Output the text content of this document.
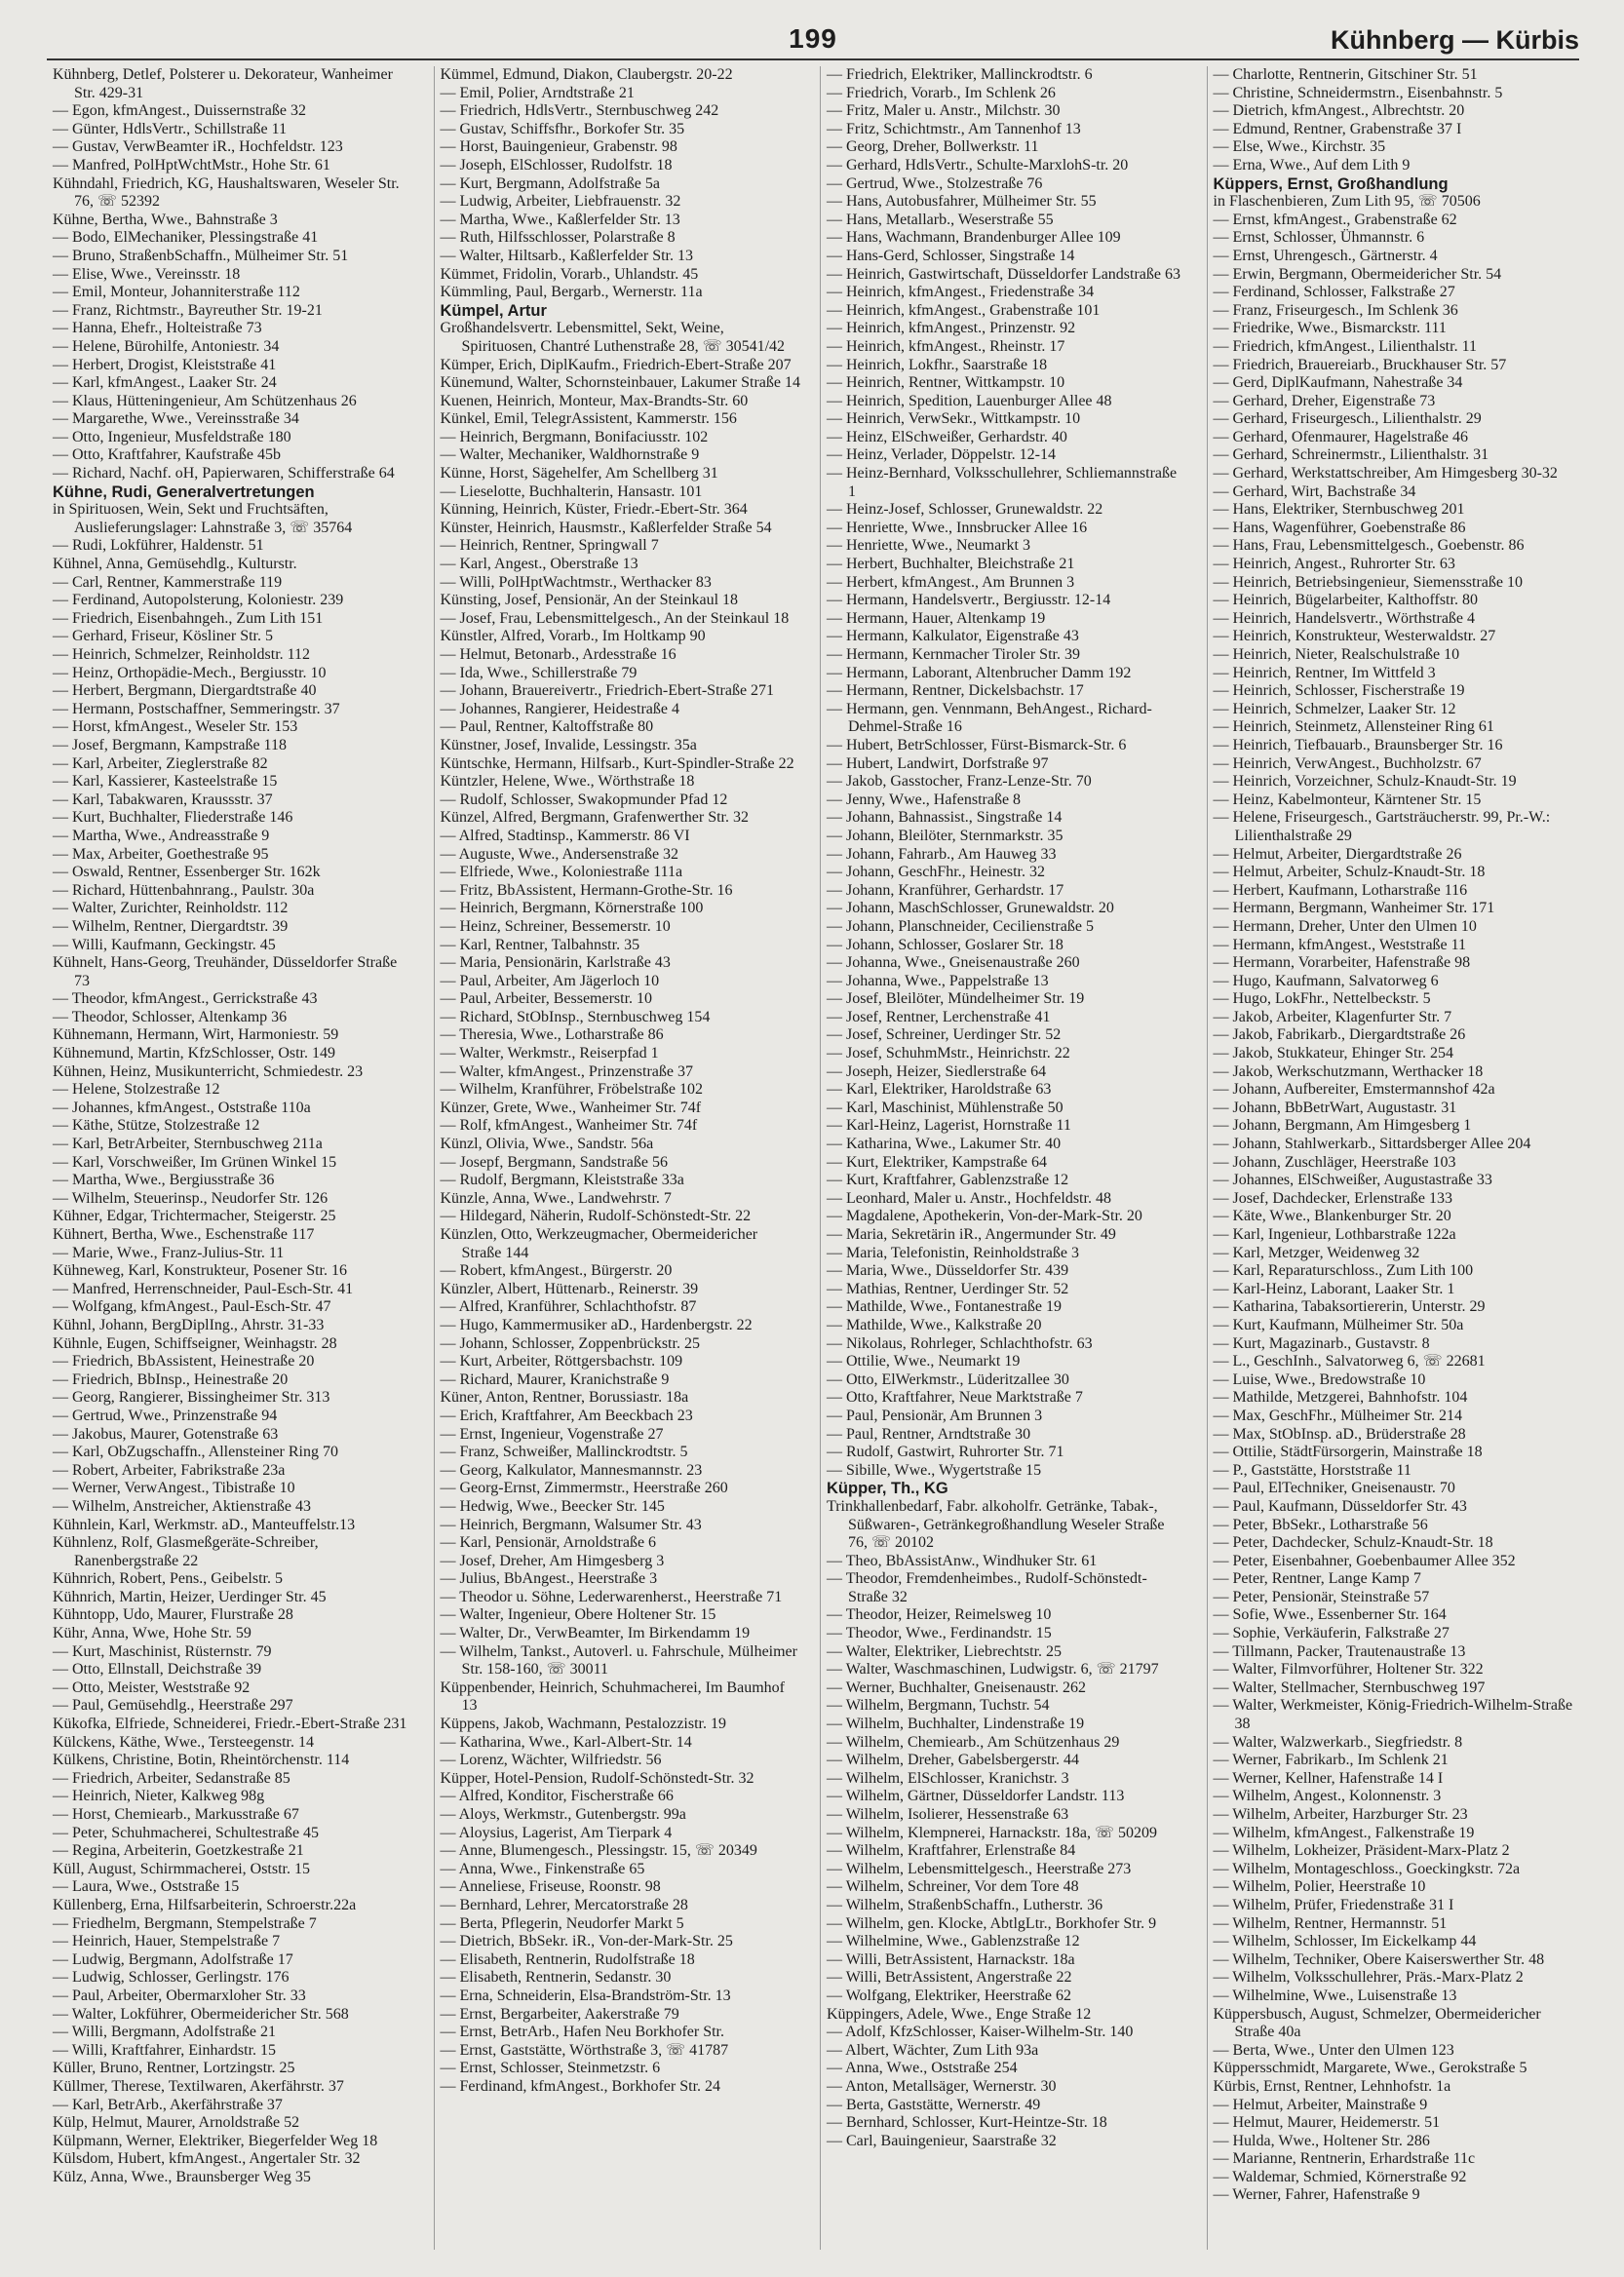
199	Kühnberg — Kürbis
Kühnberg, Detlef, Polsterer u. Dekorateur, Wanheimer Str. 429-31
— Egon, kfmAngest., Duissernstraße 32
— Günter, HdlsVertr., Schillstraße 11
— Gustav, VerwBeamter iR., Hochfeldstr. 123
— Manfred, PolHptWchtMstr., Hohe Str. 61
Kühndahl, Friedrich, KG, Haushaltswaren, Weseler Str. 76, ☏ 52392
Kühne, Bertha, Wwe., Bahnstraße 3
— Bodo, ElMechaniker, Plessingstraße 41
— Bruno, StraßenbSchaffn., Mülheimer Str. 51
— Elise, Wwe., Vereinsstr. 18
— Emil, Monteur, Johanniterstraße 112
— Franz, Richtmstr., Bayreuther Str. 19-21
— Hanna, Ehefr., Holteistraße 73
— Helene, Bürohilfe, Antoniestr. 34
— Herbert, Drogist, Kleiststraße 41
— Karl, kfmAngest., Laaker Str. 24
— Klaus, Hütteningenieur, Am Schützenhaus 26
— Margarethe, Wwe., Vereinsstraße 34
— Otto, Ingenieur, Musfeldstraße 180
— Otto, Kraftfahrer, Kaufstraße 45b
— Richard, Nachf. oH, Papierwaren, Schifferstraße 64
Kühne, Rudi, Generalvertretungen
in Spirituosen, Wein, Sekt und Fruchtsäften, Auslieferungslager: Lahnstraße 3, ☏ 35764
— Rudi, Lokführer, Haldenstr. 51
Kühnel, Anna, Gemüsehdlg., Kulturstr.
— Carl, Rentner, Kammerstraße 119
— Ferdinand, Autopolsterung, Koloniestr. 239
— Friedrich, Eisenbahngeh., Zum Lith 151
— Gerhard, Friseur, Kösliner Str. 5
— Heinrich, Schmelzer, Reinholdstr. 112
— Heinz, Orthopädie-Mech., Bergiusstr. 10
— Herbert, Bergmann, Diergardtstraße 40
— Hermann, Postschaffner, Semmeringstr. 37
— Horst, kfmAngest., Weseler Str. 153
— Josef, Bergmann, Kampstraße 118
— Karl, Arbeiter, Zieglerstraße 82
— Karl, Kassierer, Kasteelstraße 15
— Karl, Tabakwaren, Kraussstr. 37
— Kurt, Buchhalter, Fliederstraße 146
— Martha, Wwe., Andreasstraße 9
— Max, Arbeiter, Goethestraße 95
— Oswald, Rentner, Essenberger Str. 162k
— Richard, Hüttenbahnrang., Paulstr. 30a
— Walter, Zurichter, Reinholdstr. 112
— Wilhelm, Rentner, Diergardtstr. 39
— Willi, Kaufmann, Geckingstr. 45
Kühnelt, Hans-Georg, Treuhänder, Düsseldorfer Straße 73
— Theodor, kfmAngest., Gerrickstraße 43
— Theodor, Schlosser, Altenkamp 36
Kühnemann, Hermann, Wirt, Harmoniestr. 59
Kühnemund, Martin, KfzSchlosser, Ostr. 149
Kühnen, Heinz, Musikunterricht, Schmiedestr. 23
— Helene, Stolzestraße 12
— Johannes, kfmAngest., Oststraße 110a
— Käthe, Stütze, Stolzestraße 12
— Karl, BetrArbeiter, Sternbuschweg 211a
— Karl, Vorschweißer, Im Grünen Winkel 15
— Martha, Wwe., Bergiusstraße 36
— Wilhelm, Steuerinsp., Neudorfer Str. 126
Kühner, Edgar, Trichtermacher, Steigerstr. 25
Kühnert, Bertha, Wwe., Eschenstraße 117
— Marie, Wwe., Franz-Julius-Str. 11
Kühneweg, Karl, Konstrukteur, Posener Str. 16
— Manfred, Herrenschneider, Paul-Esch-Str. 41
— Wolfgang, kfmAngest., Paul-Esch-Str. 47
Kühnl, Johann, BergDiplIng., Ahrstr. 31-33
Kühnle, Eugen, Schiffseigner, Weinhagstr. 28
— Friedrich, BbAssistent, Heinestraße 20
— Friedrich, BbInsp., Heinestraße 20
— Georg, Rangierer, Bissingheimer Str. 313
— Gertrud, Wwe., Prinzenstraße 94
— Jakobus, Maurer, Gotenstraße 63
— Karl, ObZugschaffn., Allensteiner Ring 70
— Robert, Arbeiter, Fabrikstraße 23a
— Werner, VerwAngest., Tibistraße 10
— Wilhelm, Anstreicher, Aktienstraße 43
Kühnlein, Karl, Werkmstr. aD., Manteuffelstr.13
Kühnlenz, Rolf, Glasmeßgeräte-Schreiber, Ranenbergstraße 22
Kühnrich, Robert, Pens., Geibelstr. 5
Kühnrich, Martin, Heizer, Uerdinger Str. 45
Kühntopp, Udo, Maurer, Flurstraße 28
Kühr, Anna, Wwe, Hohe Str. 59
— Kurt, Maschinist, Rüsternstr. 79
— Otto, Ellnstall, Deichstraße 39
— Otto, Meister, Weststraße 92
— Paul, Gemüsehdlg., Heerstraße 297
Kükofka, Elfriede, Schneiderei, Friedr.-Ebert-Straße 231
Külckens, Käthe, Wwe., Tersteegenstr. 14
Külkens, Christine, Botin, Rheintörchenstr. 114
— Friedrich, Arbeiter, Sedanstraße 85
— Heinrich, Nieter, Kalkweg 98g
— Horst, Chemiearb., Markusstraße 67
— Peter, Schuhmacherei, Schultestraße 45
— Regina, Arbeiterin, Goetzkestraße 21
Küll, August, Schirmmacherei, Oststr. 15
— Laura, Wwe., Oststraße 15
Küllenberg, Erna, Hilfsarbeiterin, Schroerstr.22a
— Friedhelm, Bergmann, Stempelstraße 7
— Heinrich, Hauer, Stempelstraße 7
— Ludwig, Bergmann, Adolfstraße 17
— Ludwig, Schlosser, Gerlingstr. 176
— Paul, Arbeiter, Obermarxloher Str. 33
— Walter, Lokführer, Obermeidericher Str. 568
— Willi, Bergmann, Adolfstraße 21
— Willi, Kraftfahrer, Einhardstr. 15
Küller, Bruno, Rentner, Lortzingstr. 25
Küllmer, Therese, Textilwaren, Akerfährstr. 37
— Karl, BetrArb., Akerfährstraße 37
Külp, Helmut, Maurer, Arnoldstraße 52
Külpmann, Werner, Elektriker, Biegerfelder Weg 18
Külsdom, Hubert, kfmAngest., Angertaler Str. 32
Külz, Anna, Wwe., Braunsberger Weg 35
Kümmel, Edmund, Diakon, Claubergstr. 20-22
— Emil, Polier, Arndtstraße 21
— Friedrich, HdlsVertr., Sternbuschweg 242
— Gustav, Schiffsfhr., Borkofer Str. 35
— Horst, Bauingenieur, Grabenstr. 98
— Joseph, ElSchlosser, Rudolfstr. 18
— Kurt, Bergmann, Adolfstraße 5a
— Ludwig, Arbeiter, Liebfrauenstr. 32
— Martha, Wwe., Kaßlerfelder Str. 13
— Ruth, Hilfsschlosser, Polarstraße 8
— Walter, Hiltsarb., Kaßlerfelder Str. 13
Kümmet, Fridolin, Vorarb., Uhlandstr. 45
Kümmling, Paul, Bergarb., Wernerstr. 11a
Kümpel, Artur
Großhandelsvertr. Lebensmittel, Sekt, Weine, Spirituosen, Chantré Luthenstraße 28, ☏ 30541/42
Kümper, Erich, DiplKaufm., Friedrich-Ebert-Straße 207
Künemund, Walter, Schornsteinbauer, Lakumer Straße 14
Kuenen, Heinrich, Monteur, Max-Brandts-Str. 60
Künkel, Emil, TelegrAssistent, Kammerstr. 156
— Heinrich, Bergmann, Bonifaciusstr. 102
— Walter, Mechaniker, Waldhornstraße 9
Künne, Horst, Sägehelfer, Am Schellberg 31
— Lieselotte, Buchhalterin, Hansastr. 101
Künning, Heinrich, Küster, Friedr.-Ebert-Str. 364
Künster, Heinrich, Hausmstr., Kaßlerfelder Straße 54
— Heinrich, Rentner, Springwall 7
— Karl, Angest., Oberstraße 13
— Willi, PolHptWachtmstr., Werthacker 83
Künsting, Josef, Pensionär, An der Steinkaul 18
— Josef, Frau, Lebensmittelgesch., An der Steinkaul 18
Künstler, Alfred, Vorarb., Im Holtkamp 90
— Helmut, Betonarb., Ardesstraße 16
— Ida, Wwe., Schillerstraße 79
— Johann, Brauereivertr., Friedrich-Ebert-Straße 271
— Johannes, Rangierer, Heidestraße 4
— Paul, Rentner, Kaltoffstraße 80
Künstner, Josef, Invalide, Lessingstr. 35a
Küntschke, Hermann, Hilfsarb., Kurt-Spindler-Straße 22
Küntzler, Helene, Wwe., Wörthstraße 18
— Rudolf, Schlosser, Swakopmunder Pfad 12
Künzel, Alfred, Bergmann, Grafenwerther Str. 32
— Alfred, Stadtinsp., Kammerstr. 86 VI
— Auguste, Wwe., Andersenstraße 32
— Elfriede, Wwe., Koloniestraße 111a
— Fritz, BbAssistent, Hermann-Grothe-Str. 16
— Heinrich, Bergmann, Körnerstraße 100
— Heinz, Schreiner, Bessemerstr. 10
— Karl, Rentner, Talbahnstr. 35
— Maria, Pensionärin, Karlstraße 43
— Paul, Arbeiter, Am Jägerloch 10
— Paul, Arbeiter, Bessemerstr. 10
— Richard, StObInsp., Sternbuschweg 154
— Theresia, Wwe., Lotharstraße 86
— Walter, Werkmstr., Reiserpfad 1
— Walter, kfmAngest., Prinzenstraße 37
— Wilhelm, Kranführer, Fröbelstraße 102
Künzer, Grete, Wwe., Wanheimer Str. 74f
— Rolf, kfmAngest., Wanheimer Str. 74f
Künzl, Olivia, Wwe., Sandstr. 56a
— Josepf, Bergmann, Sandstraße 56
— Rudolf, Bergmann, Kleiststraße 33a
Künzle, Anna, Wwe., Landwehrstr. 7
— Hildegard, Näherin, Rudolf-Schönstedt-Str. 22
Künzlen, Otto, Werkzeugmacher, Obermeidericher Straße 144
— Robert, kfmAngest., Bürgerstr. 20
Künzler, Albert, Hüttenarb., Reinerstr. 39
— Alfred, Kranführer, Schlachthofstr. 87
— Hugo, Kammermusiker aD., Hardenbergstr. 22
— Johann, Schlosser, Zoppenbrückstr. 25
— Kurt, Arbeiter, Röttgersbachstr. 109
— Richard, Maurer, Kranichstraße 9
Küner, Anton, Rentner, Borussiastr. 18a
— Erich, Kraftfahrer, Am Beeckbach 23
— Ernst, Ingenieur, Vogenstraße 27
— Franz, Schweißer, Mallinckrodtstr. 5
— Georg, Kalkulator, Mannesmannstr. 23
— Georg-Ernst, Zimmermstr., Heerstraße 260
— Hedwig, Wwe., Beecker Str. 145
— Heinrich, Bergmann, Walsumer Str. 43
— Karl, Pensionär, Arnoldstraße 6
— Josef, Dreher, Am Himgesberg 3
— Julius, BbAngest., Heerstraße 3
— Theodor u. Söhne, Lederwarenherst., Heerstraße 71
— Walter, Ingenieur, Obere Holtener Str. 15
— Walter, Dr., VerwBeamter, Im Birkendamm 19
— Wilhelm, Tankst., Autoverl. u. Fahrschule, Mülheimer Str. 158-160, ☏ 30011
Küppenbender, Heinrich, Schuhmacherei, Im Baumhof 13
Küppens, Jakob, Wachmann, Pestalozzistr. 19
— Katharina, Wwe., Karl-Albert-Str. 14
— Lorenz, Wächter, Wilfriedstr. 56
Küpper, Hotel-Pension, Rudolf-Schönstedt-Str. 32
— Alfred, Konditor, Fischerstraße 66
— Aloys, Werkmstr., Gutenbergstr. 99a
— Aloysius, Lagerist, Am Tierpark 4
— Anne, Blumengesch., Plessingstr. 15, ☏ 20349
— Anna, Wwe., Finkenstraße 65
— Anneliese, Friseuse, Roonstr. 98
— Bernhard, Lehrer, Mercatorstraße 28
— Berta, Pflegerin, Neudorfer Markt 5
— Dietrich, BbSekr. iR., Von-der-Mark-Str. 25
— Elisabeth, Rentnerin, Rudolfstraße 18
— Elisabeth, Rentnerin, Sedanstr. 30
— Erna, Schneiderin, Elsa-Brandström-Str. 13
— Ernst, Bergarbeiter, Aakerstraße 79
— Ernst, BetrArb., Hafen Neu Borkhofer Str.
— Ernst, Gaststätte, Wörthstraße 3, ☏ 41787
— Ernst, Schlosser, Steinmetzstr. 6
— Ferdinand, kfmAngest., Borkhofer Str. 24
— Friedrich, Elektriker, Mallinckrodtstr. 6
— Friedrich, Vorarb., Im Schlenk 26
— Fritz, Maler u. Anstr., Milchstr. 30
— Fritz, Schichtmstr., Am Tannenhof 13
— Georg, Dreher, Bollwerkstr. 11
— Gerhard, HdlsVertr., Schulte-MarxlohS-tr. 20
— Gertrud, Wwe., Stolzestraße 76
— Hans, Autobusfahrer, Mülheimer Str. 55
— Hans, Metallarb., Weserstraße 55
— Hans, Wachmann, Brandenburger Allee 109
— Hans-Gerd, Schlosser, Singstraße 14
— Heinrich, Gastwirtschaft, Düsseldorfer Landstraße 63
— Heinrich, kfmAngest., Friedenstraße 34
— Heinrich, kfmAngest., Grabenstraße 101
— Heinrich, kfmAngest., Prinzenstr. 92
— Heinrich, kfmAngest., Rheinstr. 17
— Heinrich, Lokfhr., Saarstraße 18
— Heinrich, Rentner, Wittkampstr. 10
— Heinrich, Spedition, Lauenburger Allee 48
— Heinrich, VerwSekr., Wittkampstr. 10
— Heinz, ElSchweißer, Gerhardstr. 40
— Heinz, Verlader, Döppelstr. 12-14
— Heinz-Bernhard, Volksschullehrer, Schliemannstraße 1
— Heinz-Josef, Schlosser, Grunewaldstr. 22
— Henriette, Wwe., Innsbrucker Allee 16
— Henriette, Wwe., Neumarkt 3
— Herbert, Buchhalter, Bleichstraße 21
— Herbert, kfmAngest., Am Brunnen 3
— Hermann, Handelsvertr., Bergiusstr. 12-14
— Hermann, Hauer, Altenkamp 19
— Hermann, Kalkulator, Eigenstraße 43
— Hermann, Kernmacher Tiroler Str. 39
— Hermann, Laborant, Altenbrucher Damm 192
— Hermann, Rentner, Dickelsbachstr. 17
— Hermann, gen. Vennmann, BehAngest., Richard-Dehmel-Straße 16
— Hubert, BetrSchlosser, Fürst-Bismarck-Str. 6
— Hubert, Landwirt, Dorfstraße 97
— Jakob, Gasstocher, Franz-Lenze-Str. 70
— Jenny, Wwe., Hafenstraße 8
— Johann, Bahnassist., Singstraße 14
— Johann, Bleilöter, Sternmarkstr. 35
— Johann, Fahrarb., Am Hauweg 33
— Johann, GeschFhr., Heinestr. 32
— Johann, Kranführer, Gerhardstr. 17
— Johann, MaschSchlosser, Grunewaldstr. 20
— Johann, Planschneider, Cecilienstraße 5
— Johann, Schlosser, Goslarer Str. 18
— Johanna, Wwe., Gneisenaustraße 260
— Johanna, Wwe., Pappelstraße 13
— Josef, Bleilöter, Mündelheimer Str. 19
— Josef, Rentner, Lerchenstraße 41
— Josef, Schreiner, Uerdinger Str. 52
— Josef, SchuhmMstr., Heinrichstr. 22
— Joseph, Heizer, Siedlerstraße 64
— Karl, Elektriker, Haroldstraße 63
— Karl, Maschinist, Mühlenstraße 50
— Karl-Heinz, Lagerist, Hornstraße 11
— Katharina, Wwe., Lakumer Str. 40
— Kurt, Elektriker, Kampstraße 64
— Kurt, Kraftfahrer, Gablenzstraße 12
— Leonhard, Maler u. Anstr., Hochfeldstr. 48
— Magdalene, Apothekerin, Von-der-Mark-Str. 20
— Maria, Sekretärin iR., Angermunder Str. 49
— Maria, Telefonistin, Reinholdstraße 3
— Maria, Wwe., Düsseldorfer Str. 439
— Mathias, Rentner, Uerdinger Str. 52
— Mathilde, Wwe., Fontanestraße 19
— Mathilde, Wwe., Kalkstraße 20
— Nikolaus, Rohrleger, Schlachthofstr. 63
— Ottilie, Wwe., Neumarkt 19
— Otto, ElWerkmstr., Lüderitzallee 30
— Otto, Kraftfahrer, Neue Marktstraße 7
— Paul, Pensionär, Am Brunnen 3
— Paul, Rentner, Arndtstraße 30
— Rudolf, Gastwirt, Ruhrorter Str. 71
— Sibille, Wwe., Wygertstraße 15
Küpper, Th., KG
Trinkhallenbedarf, Fabr. alkoholfr. Getränke, Tabak-, Süßwaren-, Getränkegroßhandlung Weseler Straße 76, ☏ 20102
— Theo, BbAssistAnw., Windhuker Str. 61
— Theodor, Fremdenheimbes., Rudolf-Schönstedt-Straße 32
— Theodor, Heizer, Reimelsweg 10
— Theodor, Wwe., Ferdinandstr. 15
— Walter, Elektriker, Liebrechtstr. 25
— Walter, Waschmaschinen, Ludwigstr. 6, ☏ 21797
— Werner, Buchhalter, Gneisenaustr. 262
— Wilhelm, Bergmann, Tuchstr. 54
— Wilhelm, Buchhalter, Lindenstraße 19
— Wilhelm, Chemiearb., Am Schützenhaus 29
— Wilhelm, Dreher, Gabelsbergerstr. 44
— Wilhelm, ElSchlosser, Kranichstr. 3
— Wilhelm, Gärtner, Düsseldorfer Landstr. 113
— Wilhelm, Isolierer, Hessenstraße 63
— Wilhelm, Klempnerei, Harnackstr. 18a, ☏ 50209
— Wilhelm, Kraftfahrer, Erlenstraße 84
— Wilhelm, Lebensmittelgesch., Heerstraße 273
— Wilhelm, Schreiner, Vor dem Tore 48
— Wilhelm, StraßenbSchaffn., Lutherstr. 36
— Wilhelm, gen. Klocke, AbtlgLtr., Borkhofer Str. 9
— Wilhelmine, Wwe., Gablenzstraße 12
— Willi, BetrAssistent, Harnackstr. 18a
— Willi, BetrAssistent, Angerstraße 22
— Wolfgang, Elektriker, Heerstraße 62
Küppingers, Adele, Wwe., Enge Straße 12
— Adolf, KfzSchlosser, Kaiser-Wilhelm-Str. 140
— Albert, Wächter, Zum Lith 93a
— Anna, Wwe., Oststraße 254
— Anton, Metallsäger, Wernerstr. 30
— Berta, Gaststätte, Wernerstr. 49
— Bernhard, Schlosser, Kurt-Heintze-Str. 18
— Carl, Bauingenieur, Saarstraße 32
— Charlotte, Rentnerin, Gitschiner Str. 51
— Christine, Schneidermstrn., Eisenbahnstr. 5
— Dietrich, kfmAngest., Albrechtstr. 20
— Edmund, Rentner, Grabenstraße 37 I
— Else, Wwe., Kirchstr. 35
— Erna, Wwe., Auf dem Lith 9
Küppers, Ernst, Großhandlung
in Flaschenbieren, Zum Lith 95, ☏ 70506
— Ernst, kfmAngest., Grabenstraße 62
— Ernst, Schlosser, Ühmannstr. 6
— Ernst, Uhrengesch., Gärtnerstr. 4
— Erwin, Bergmann, Obermeidericher Str. 54
— Ferdinand, Schlosser, Falkstraße 27
— Franz, Friseurgesch., Im Schlenk 36
— Friedrike, Wwe., Bismarckstr. 111
— Friedrich, kfmAngest., Lilienthalstr. 11
— Friedrich, Brauereiarb., Bruckhauser Str. 57
— Gerd, DiplKaufmann, Nahestraße 34
— Gerhard, Dreher, Eigenstraße 73
— Gerhard, Friseurgesch., Lilienthalstr. 29
— Gerhard, Ofenmaurer, Hagelstraße 46
— Gerhard, Schreinermstr., Lilienthalstr. 31
— Gerhard, Werkstattschreiber, Am Himgesberg 30-32
— Gerhard, Wirt, Bachstraße 34
— Hans, Elektriker, Sternbuschweg 201
— Hans, Wagenführer, Goebenstraße 86
— Hans, Frau, Lebensmittelgesch., Goebenstr. 86
— Heinrich, Angest., Ruhrorter Str. 63
— Heinrich, Betriebsingenieur, Siemensstraße 10
— Heinrich, Bügelarbeiter, Kalthoffstr. 80
— Heinrich, Handelsvertr., Wörthstraße 4
— Heinrich, Konstrukteur, Westerwaldstr. 27
— Heinrich, Nieter, Realschulstraße 10
— Heinrich, Rentner, Im Wittfeld 3
— Heinrich, Schlosser, Fischerstraße 19
— Heinrich, Schmelzer, Laaker Str. 12
— Heinrich, Steinmetz, Allensteiner Ring 61
— Heinrich, Tiefbauarb., Braunsberger Str. 16
— Heinrich, VerwAngest., Buchholzstr. 67
— Heinrich, Vorzeichner, Schulz-Knaudt-Str. 19
— Heinz, Kabelmonteur, Kärntener Str. 15
— Helene, Friseurgesch., Gartsträucherstr. 99, Pr.-W.: Lilienthalstraße 29
— Helmut, Arbeiter, Diergardtstraße 26
— Helmut, Arbeiter, Schulz-Knaudt-Str. 18
— Herbert, Kaufmann, Lotharstraße 116
— Hermann, Bergmann, Wanheimer Str. 171
— Hermann, Dreher, Unter den Ulmen 10
— Hermann, kfmAngest., Weststraße 11
— Hermann, Vorarbeiter, Hafenstraße 98
— Hugo, Kaufmann, Salvatorweg 6
— Hugo, LokFhr., Nettelbeckstr. 5
— Jakob, Arbeiter, Klagenfurter Str. 7
— Jakob, Fabrikarb., Diergardtstraße 26
— Jakob, Stukkateur, Ehinger Str. 254
— Jakob, Werkschutzmann, Werthacker 18
— Johann, Aufbereiter, Emstermannshof 42a
— Johann, BbBetrWart, Augustastr. 31
— Johann, Bergmann, Am Himgesberg 1
— Johann, Stahlwerkarb., Sittardsberger Allee 204
— Johann, Zuschläger, Heerstraße 103
— Johannes, ElSchweißer, Augustastraße 33
— Josef, Dachdecker, Erlenstraße 133
— Käte, Wwe., Blankenburger Str. 20
— Karl, Ingenieur, Lothbarstraße 122a
— Karl, Metzger, Weidenweg 32
— Karl, Reparaturschloss., Zum Lith 100
— Karl-Heinz, Laborant, Laaker Str. 1
— Katharina, Tabaksortiererin, Unterstr. 29
— Kurt, Kaufmann, Mülheimer Str. 50a
— Kurt, Magazinarb., Gustavstr. 8
— L., GeschInh., Salvatorweg 6, ☏ 22681
— Luise, Wwe., Bredowstraße 10
— Mathilde, Metzgerei, Bahnhofstr. 104
— Max, GeschFhr., Mülheimer Str. 214
— Max, StObInsp. aD., Brüderstraße 28
— Ottilie, StädtFürsorgerin, Mainstraße 18
— P., Gaststätte, Horststraße 11
— Paul, ElTechniker, Gneisenaustr. 70
— Paul, Kaufmann, Düsseldorfer Str. 43
— Peter, BbSekr., Lotharstraße 56
— Peter, Dachdecker, Schulz-Knaudt-Str. 18
— Peter, Eisenbahner, Goebenbaumer Allee 352
— Peter, Rentner, Lange Kamp 7
— Peter, Pensionär, Steinstraße 57
— Sofie, Wwe., Essenberner Str. 164
— Sophie, Verkäuferin, Falkstraße 27
— Tillmann, Packer, Trautenaustraße 13
— Walter, Filmvorführer, Holtener Str. 322
— Walter, Stellmacher, Sternbuschweg 197
— Walter, Werkmeister, König-Friedrich-Wilhelm-Straße 38
— Walter, Walzwerkarb., Siegfriedstr. 8
— Werner, Fabrikarb., Im Schlenk 21
— Werner, Kellner, Hafenstraße 14 I
— Wilhelm, Angest., Kolonnenstr. 3
— Wilhelm, Arbeiter, Harzburger Str. 23
— Wilhelm, kfmAngest., Falkenstraße 19
— Wilhelm, Lokheizer, Präsident-Marx-Platz 2
— Wilhelm, Montageschloss., Goeckingkstr. 72a
— Wilhelm, Polier, Heerstraße 10
— Wilhelm, Prüfer, Friedenstraße 31 I
— Wilhelm, Rentner, Hermannstr. 51
— Wilhelm, Schlosser, Im Eickelkamp 44
— Wilhelm, Techniker, Obere Kaiserswerther Str. 48
— Wilhelm, Volksschullehrer, Präs.-Marx-Platz 2
— Wilhelmine, Wwe., Luisenstraße 13
Küppersbusch, August, Schmelzer, Obermeidericher Straße 40a
— Berta, Wwe., Unter den Ulmen 123
Küppersschmidt, Margarete, Wwe., Gerokstraße 5
Kürbis, Ernst, Rentner, Lehnhofstr. 1a
— Helmut, Arbeiter, Mainstraße 9
— Helmut, Maurer, Heidemerstr. 51
— Hulda, Wwe., Holtener Str. 286
— Marianne, Rentnerin, Erhardstraße 11c
— Waldemar, Schmied, Körnerstraße 92
— Werner, Fahrer, Hafenstraße 9
